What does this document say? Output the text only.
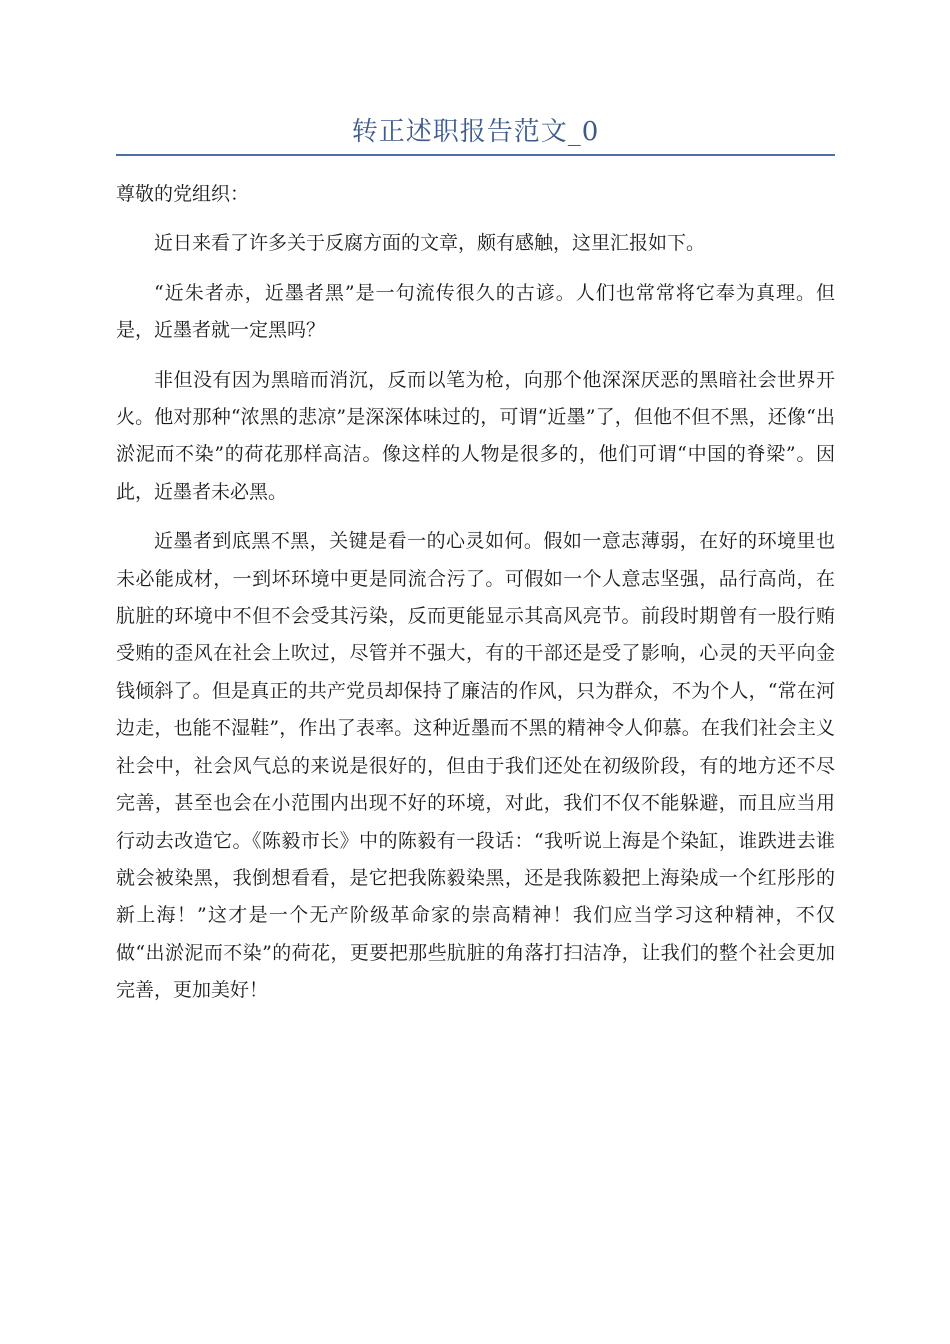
转正述职报告范文_0

尊敬的党组织：

近日来看了许多关于反腐方面的文章，颇有感触，这里汇报如下。

“近朱者赤，近墨者黑”是一句流传很久的古谚。人们也常常将它奉为真理。但是，近墨者就一定黑吗？

非但没有因为黑暗而消沉，反而以笔为枪，向那个他深深厌恶的黑暗社会世界开火。他对那种“浓黑的悲凉”是深深体味过的，可谓“近墨”了，但他不但不黑，还像“出淤泥而不染”的荷花那样高洁。像这样的人物是很多的，他们可谓“中国的脊梁”。因此，近墨者未必黑。

近墨者到底黑不黑，关键是看一的心灵如何。假如一意志薄弱，在好的环境里也未必能成材，一到坏环境中更是同流合污了。可假如一个人意志坚强，品行高尚，在肮脏的环境中不但不会受其污染，反而更能显示其高风亮节。前段时期曾有一股行贿受贿的歪风在社会上吹过，尽管并不强大，有的干部还是受了影响，心灵的天平向金钱倾斜了。但是真正的共产党员却保持了廉洁的作风，只为群众，不为个人，“常在河边走，也能不湿鞋”，作出了表率。这种近墨而不黑的精神令人仰慕。在我们社会主义社会中，社会风气总的来说是很好的，但由于我们还处在初级阶段，有的地方还不尽完善，甚至也会在小范围内出现不好的环境，对此，我们不仅不能躲避，而且应当用行动去改造它。《陈毅市长》中的陈毅有一段话：“我听说上海是个染缸，谁跌进去谁就会被染黑，我倒想看看，是它把我陈毅染黑，还是我陈毅把上海染成一个红彤彤的新上海！”这才是一个无产阶级革命家的崇高精神！我们应当学习这种精神，不仅做“出淤泥而不染”的荷花，更要把那些肮脏的角落打扫洁净，让我们的整个社会更加完善，更加美好！
